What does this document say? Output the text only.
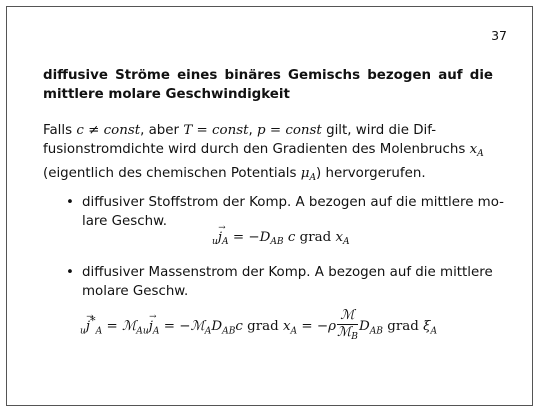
37
diffusive Ströme eines binäres Gemischs bezogen auf die mittlere molare Geschwindigkeit

Falls c ≠ const, aber T = const, p = const gilt, wird die Dif-
fusionstromdichte wird durch den Gradienten des Molenbruchs $x_A$
(eigentlich des chemischen Potentials $\mu_A$) hervorgerufen.

• diffusiver Stoffstrom der Komp. A bezogen auf die mittlere mo-
lare Geschw.
$_u\to j_A = -D_{AB}$ c grad $x_A$
• diffusiver Massenstrom der Komp. A bezogen auf die mittlere
molare Geschw.
$_u\to j^*_A$ = ℳ$_{Au}$→ $j_A$ = $-ℳ_AD_{AB}c$ grad $x_A = -\rho \frac{\text{ℳ}}{ℳ_B} D_{AB}$ grad $\xi_A$
